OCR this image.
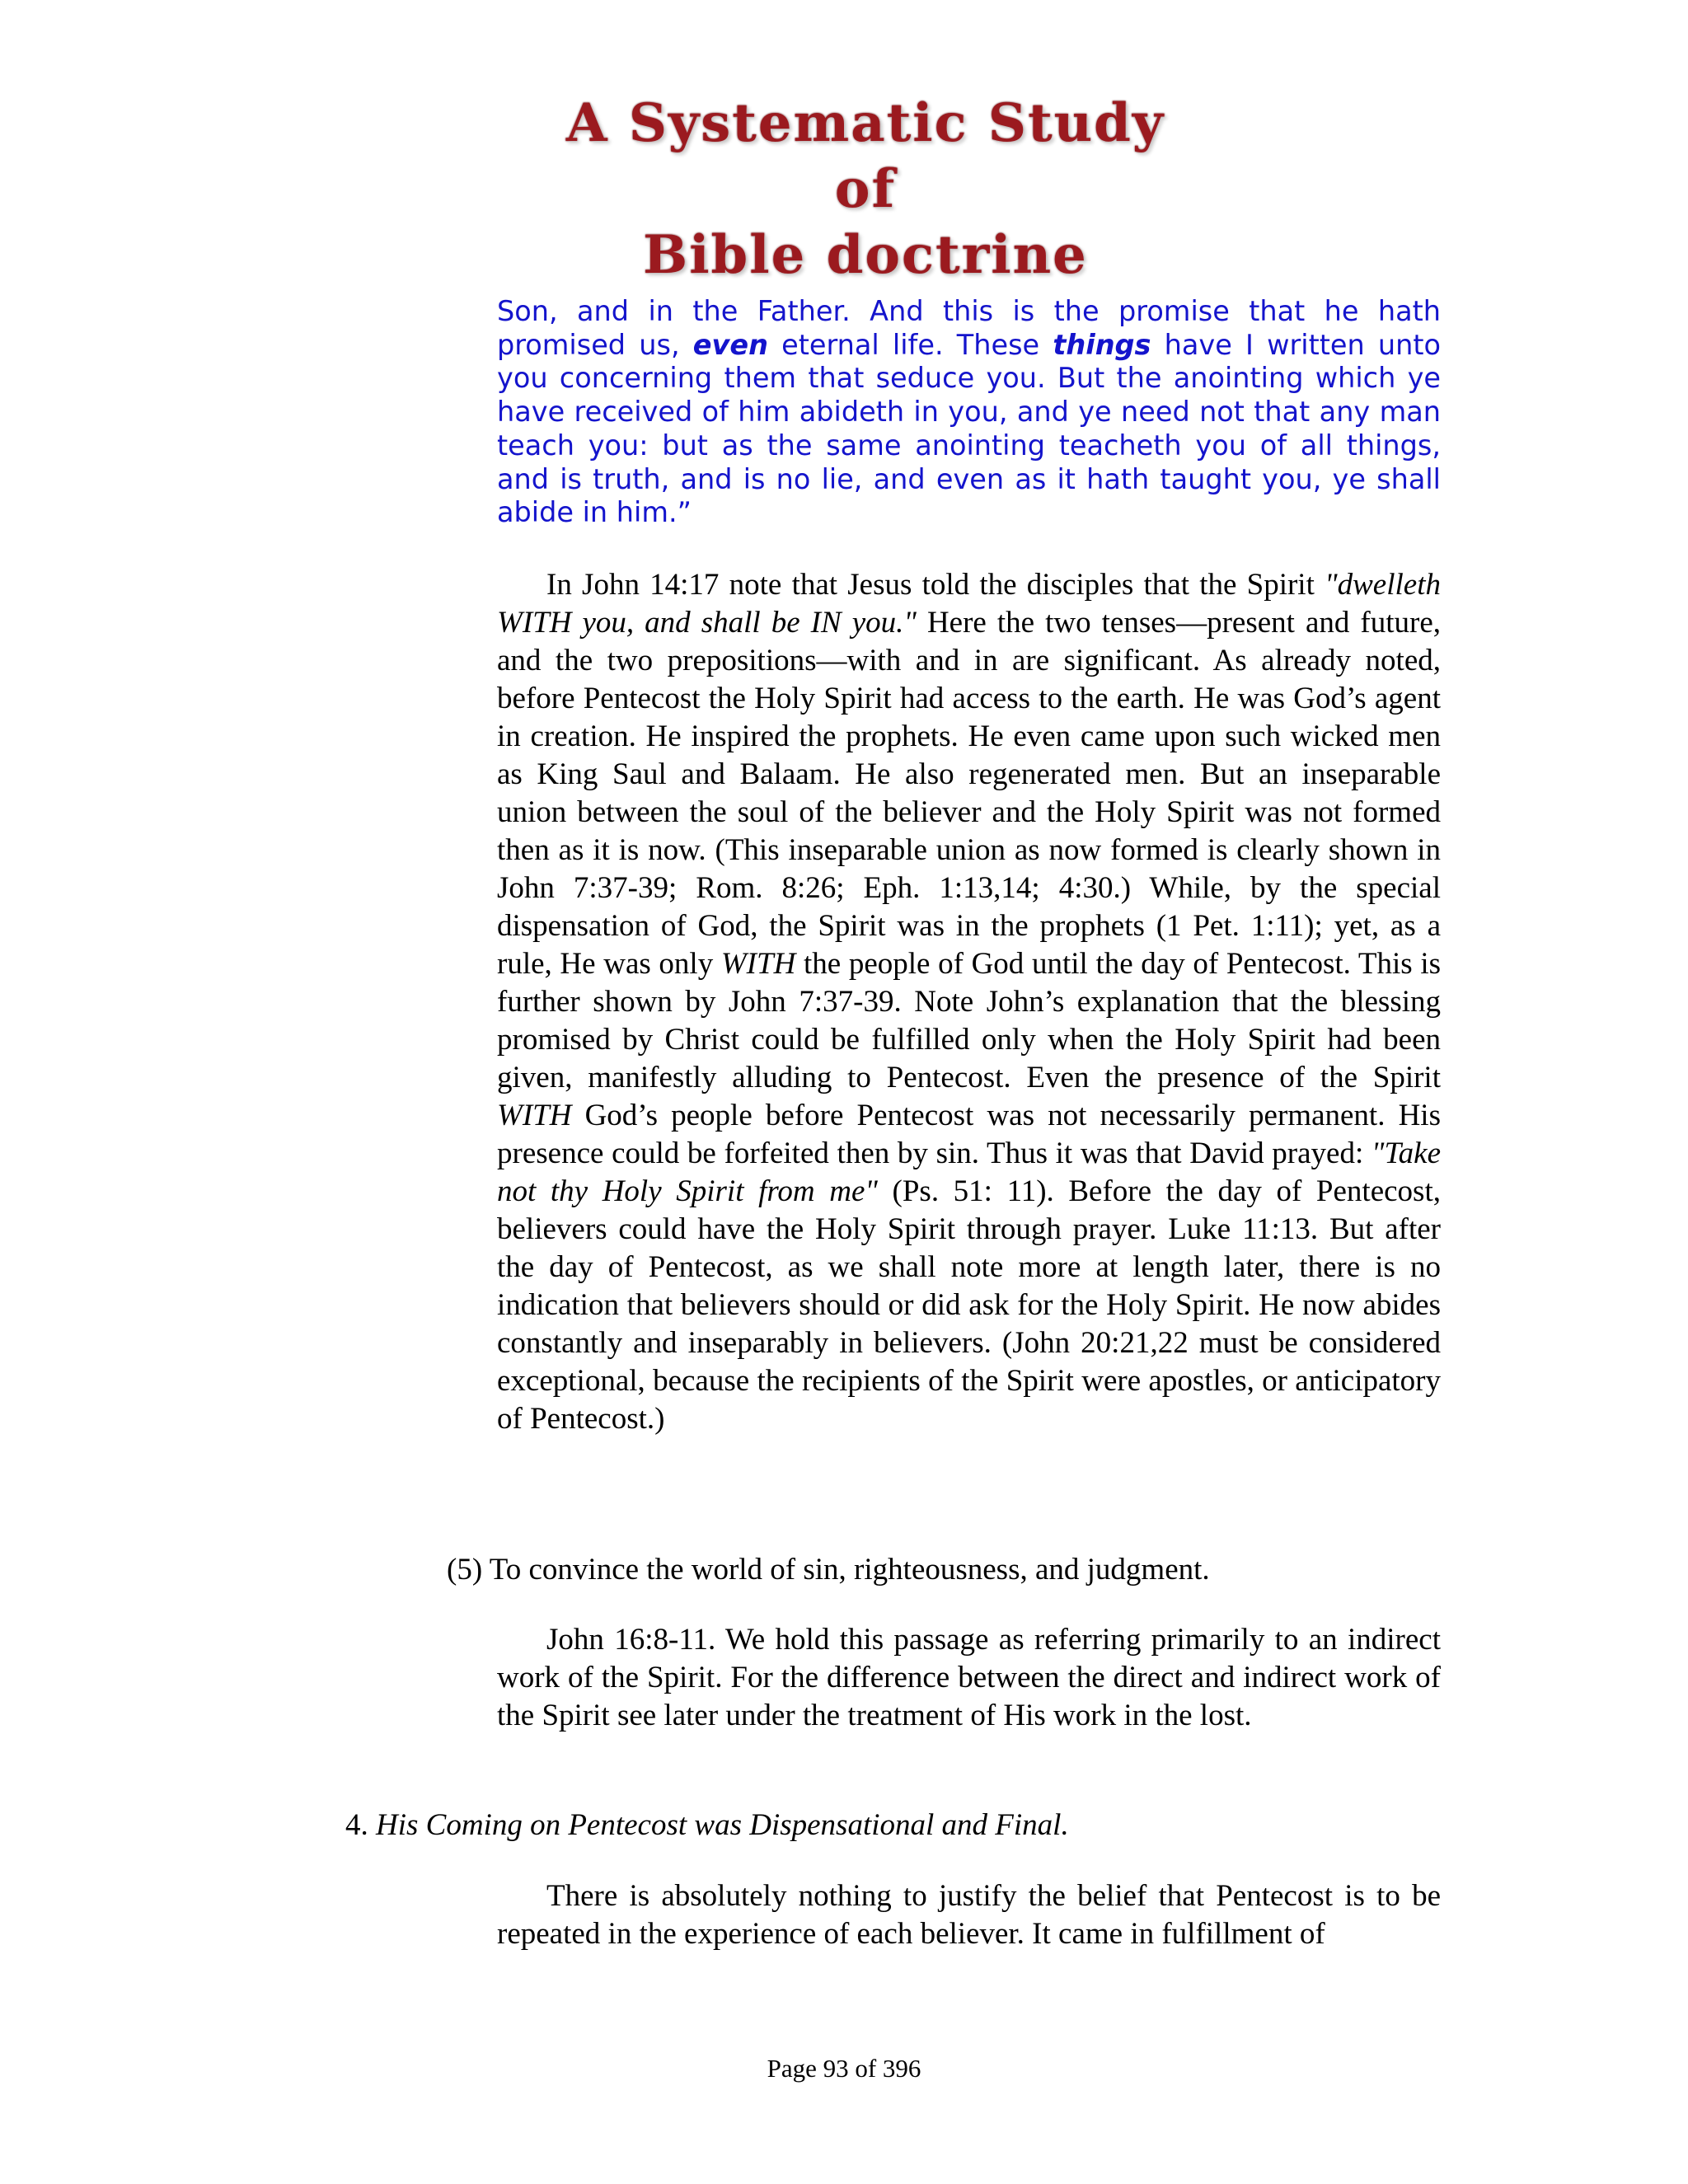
A Systematic Study of
Bible doctrine

Son, and in the Father. And this is the promise that he hath promised us, even eternal life. These things have I written unto you concerning them that seduce you. But the anointing which ye have received of him abideth in you, and ye need not that any man teach you: but as the same anointing teacheth you of all things, and is truth, and is no lie, and even as it hath taught you, ye shall abide in him.”

In John 14:17 note that Jesus told the disciples that the Spirit "dwelleth WITH you, and shall be IN you." Here the two tenses—present and future, and the two prepositions—with and in are significant. As already noted, before Pentecost the Holy Spirit had access to the earth. He was God’s agent in creation. He inspired the prophets. He even came upon such wicked men as King Saul and Balaam. He also regenerated men. But an inseparable union between the soul of the believer and the Holy Spirit was not formed then as it is now. (This inseparable union as now formed is clearly shown in John 7:37-39; Rom. 8:26; Eph. 1:13,14; 4:30.) While, by the special dispensation of God, the Spirit was in the prophets (1 Pet. 1:11); yet, as a rule, He was only WITH the people of God until the day of Pentecost. This is further shown by John 7:37-39. Note John’s explanation that the blessing promised by Christ could be fulfilled only when the Holy Spirit had been given, manifestly alluding to Pentecost. Even the presence of the Spirit WITH God’s people before Pentecost was not necessarily permanent. His presence could be forfeited then by sin. Thus it was that David prayed: "Take not thy Holy Spirit from me" (Ps. 51: 11). Before the day of Pentecost, believers could have the Holy Spirit through prayer. Luke 11:13. But after the day of Pentecost, as we shall note more at length later, there is no indication that believers should or did ask for the Holy Spirit. He now abides constantly and inseparably in believers. (John 20:21,22 must be considered exceptional, because the recipients of the Spirit were apostles, or anticipatory of Pentecost.)

(5) To convince the world of sin, righteousness, and judgment.

John 16:8-11. We hold this passage as referring primarily to an indirect work of the Spirit. For the difference between the direct and indirect work of the Spirit see later under the treatment of His work in the lost.

4. His Coming on Pentecost was Dispensational and Final.

There is absolutely nothing to justify the belief that Pentecost is to be repeated in the experience of each believer. It came in fulfillment of

Page 93 of 396
